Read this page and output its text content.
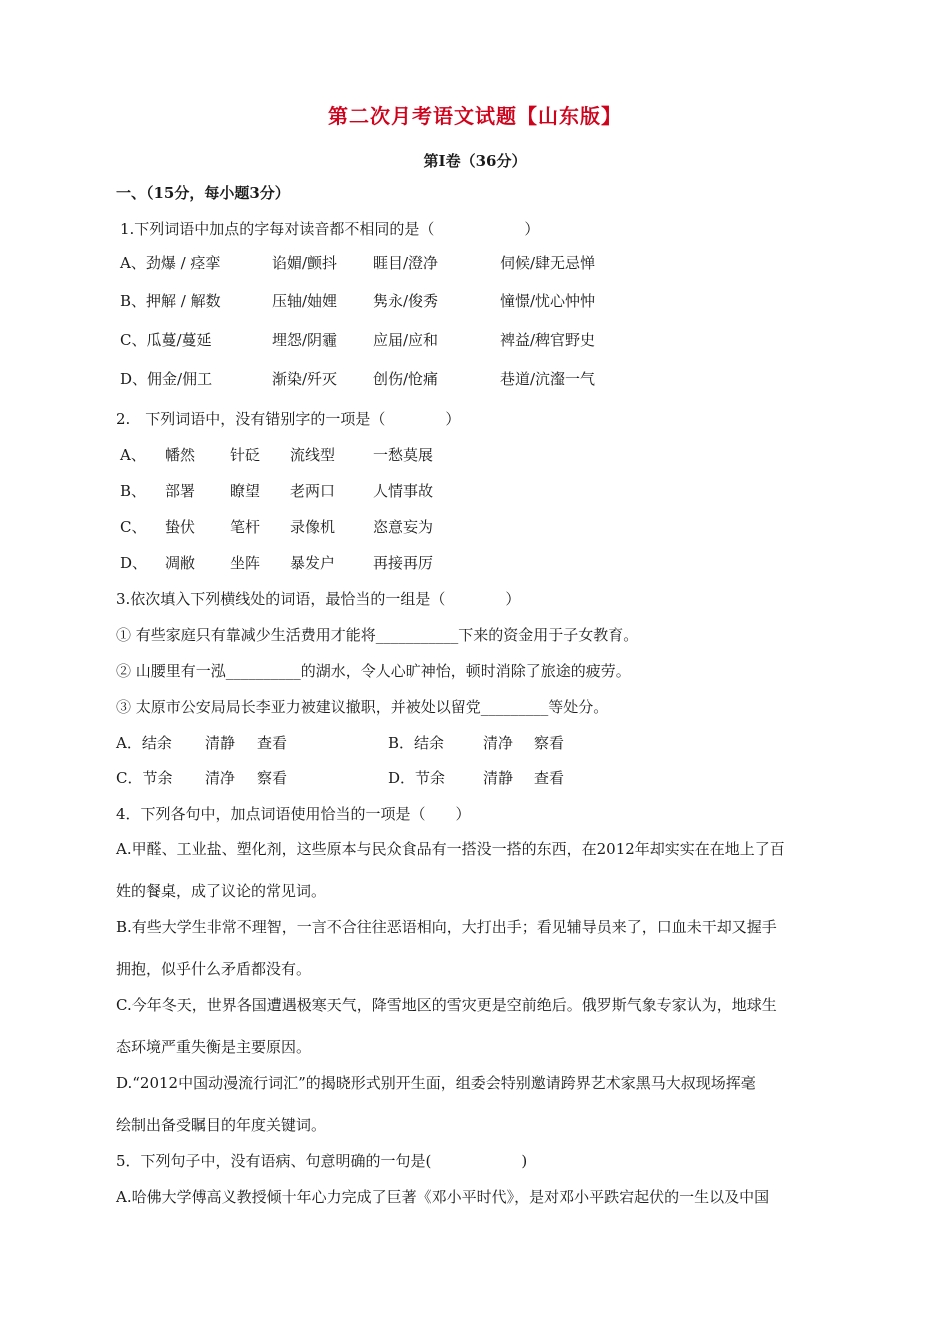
第二次月考语文试题【山东版】
第Ⅰ卷（36分）
一、（15分，每小题3分）
1.下列词语中加点的字每对读音都不相同的是（　　　　　　）
A、劲爆 / 痉挛	谄媚/颤抖 睚目/澄净	伺候/肆无忌惮
B、押解 / 解数	压轴/妯娌 隽永/俊秀	憧憬/忧心忡忡
C、瓜蔓/蔓延	埋怨/阴霾 应届/应和	裨益/稗官野史
D、佣金/佣工	渐染/歼灭 创伤/怆痛	巷道/沆瀣一气
2.　下列词语中，没有错别字的一项是（　　　　）
A、 幡然 针砭 流线型	一愁莫展
B、 部署 瞭望 老两口	人情事故
C、 蛰伏 笔杆 录像机	恣意妄为
D、 凋敝 坐阵 暴发户	再接再厉
3.依次填入下列横线处的词语，最恰当的一组是（　　　　）
① 有些家庭只有靠减少生活费用才能将___________下来的资金用于子女教育。
② 山腰里有一泓__________的湖水，令人心旷神怡，顿时消除了旅途的疲劳。
③ 太原市公安局局长李亚力被建议撤职，并被处以留党_________等处分。
A．结余 清静 查看	B．结余	清净 察看
C．节余 清净 察看	D．节余	清静 查看
4．下列各句中，加点词语使用恰当的一项是（　　）
A.甲醛、工业盐、塑化剂，这些原本与民众食品有一搭没一搭的东西，在2012年却实实在在地上了百
姓的餐桌，成了议论的常见词。
B.有些大学生非常不理智，一言不合往往恶语相向，大打出手；看见辅导员来了，口血未干却又握手
拥抱，似乎什么矛盾都没有。
C.今年冬天，世界各国遭遇极寒天气，降雪地区的雪灾更是空前绝后。俄罗斯气象专家认为，地球生
态环境严重失衡是主要原因。
D.“2012中国动漫流行词汇”的揭晓形式别开生面，组委会特别邀请跨界艺术家黑马大叔现场挥毫
绘制出备受瞩目的年度关键词。
5．下列句子中，没有语病、句意明确的一句是(　　　　　　)
A.哈佛大学傅高义教授倾十年心力完成了巨著《邓小平时代》，是对邓小平跌宕起伏的一生以及中国
